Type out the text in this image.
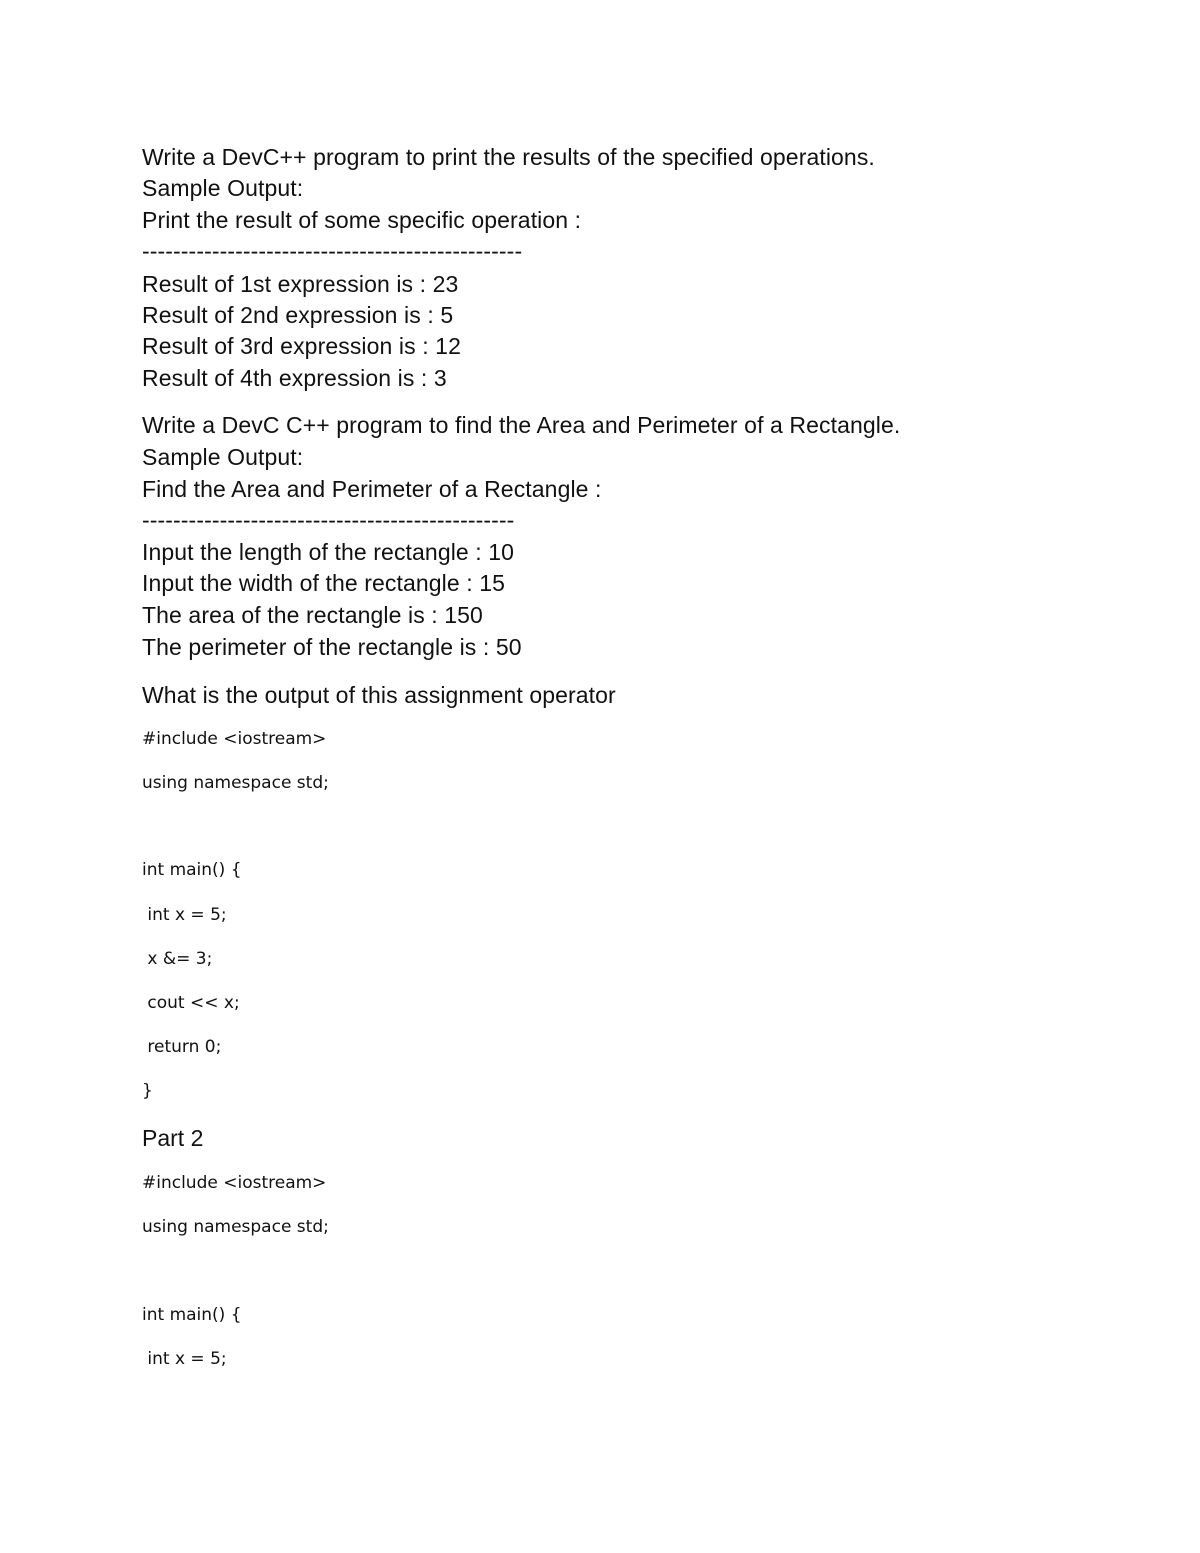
Write a DevC++ program to print the results of the specified operations.
Sample Output:
Print the result of some specific operation :
-------------------------------------------------
Result of 1st expression is : 23
Result of 2nd expression is : 5
Result of 3rd expression is : 12
Result of 4th expression is : 3
Write a DevC C++ program to find the Area and Perimeter of a Rectangle.
Sample Output:
Find the Area and Perimeter of a Rectangle :
------------------------------------------------
Input the length of the rectangle : 10
Input the width of the rectangle : 15
The area of the rectangle is : 150
The perimeter of the rectangle is : 50
What is the output of this assignment operator
#include <iostream>
using namespace std;
int main() {
int x = 5;
x &= 3;
cout << x;
return 0;
}
Part 2
#include <iostream>
using namespace std;
int main() {
int x = 5;
